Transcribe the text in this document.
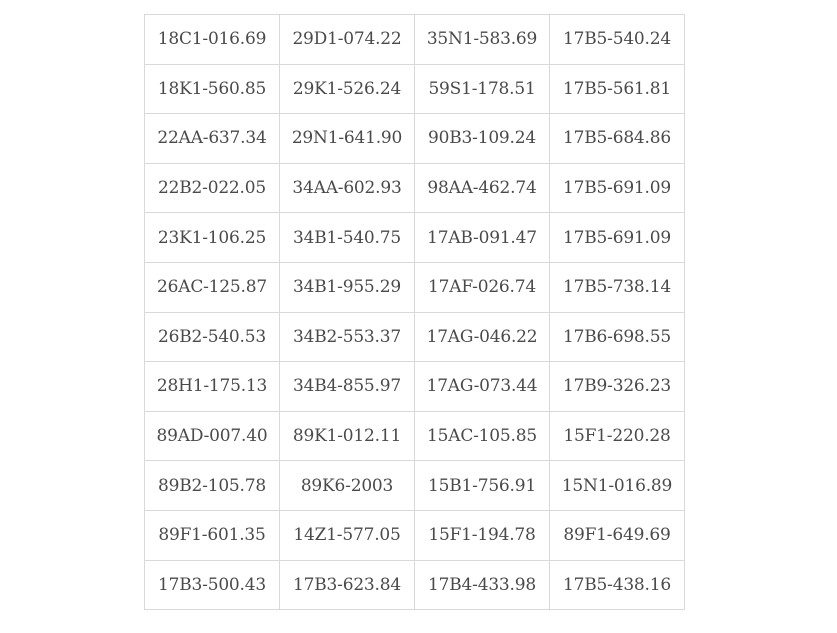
18C1-016.69	29D1-074.22	35N1-583.69	17B5-540.24
18K1-560.85	29K1-526.24	59S1-178.51	17B5-561.81
22AA-637.34	29N1-641.90	90B3-109.24	17B5-684.86
22B2-022.05	34AA-602.93	98AA-462.74	17B5-691.09
23K1-106.25	34B1-540.75	17AB-091.47	17B5-691.09
26AC-125.87	34B1-955.29	17AF-026.74	17B5-738.14
26B2-540.53	34B2-553.37	17AG-046.22	17B6-698.55
28H1-175.13	34B4-855.97	17AG-073.44	17B9-326.23
89AD-007.40	89K1-012.11	15AC-105.85	15F1-220.28
89B2-105.78	89K6-2003	15B1-756.91	15N1-016.89
89F1-601.35	14Z1-577.05	15F1-194.78	89F1-649.69
17B3-500.43	17B3-623.84	17B4-433.98	17B5-438.16
